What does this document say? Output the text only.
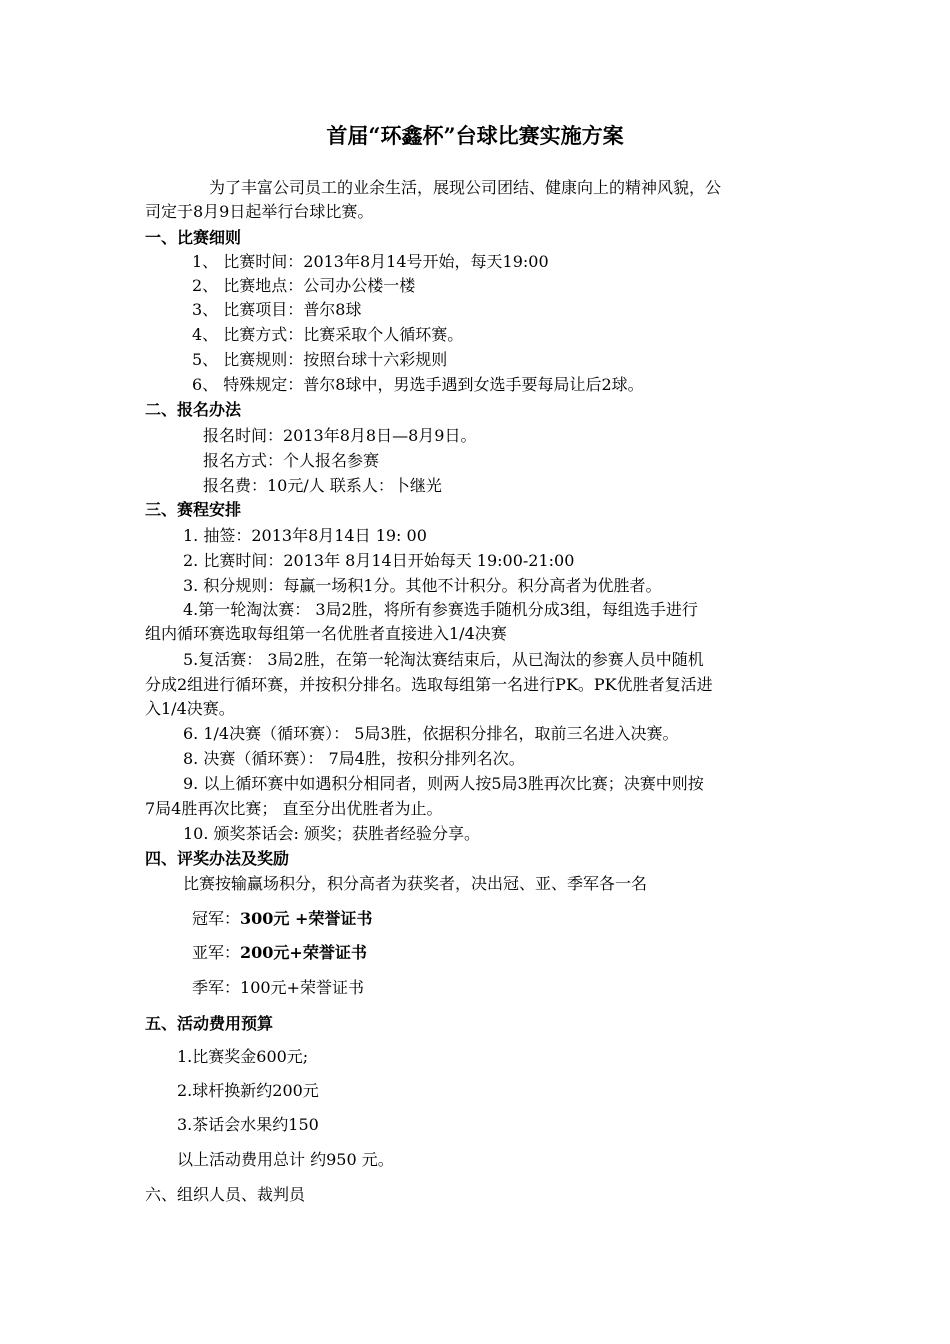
首届“环鑫杯”台球比赛实施方案
为了丰富公司员工的业余生活，展现公司团结、健康向上的精神风貌，公
司定于8月9日起举行台球比赛。
一、比赛细则
1、 比赛时间：2013年8月14号开始，每天19:00
2、 比赛地点：公司办公楼一楼
3、 比赛项目：普尔8球
4、 比赛方式：比赛采取个人循环赛。
5、 比赛规则：按照台球十六彩规则
6、 特殊规定：普尔8球中，男选手遇到女选手要每局让后2球。
二、报名办法
报名时间：2013年8月8日—8月9日。
报名方式：个人报名参赛
报名费：10元/人 联系人：卜继光
三、赛程安排
1. 抽签：2013年8月14日 19: 00
2. 比赛时间：2013年 8月14日开始每天 19:00-21:00
3. 积分规则：每赢一场积1分。其他不计积分。积分高者为优胜者。
4.第一轮淘汰赛： 3局2胜，将所有参赛选手随机分成3组，每组选手进行
组内循环赛选取每组第一名优胜者直接进入1/4决赛
5.复活赛： 3局2胜，在第一轮淘汰赛结束后，从已淘汰的参赛人员中随机
分成2组进行循环赛，并按积分排名。选取每组第一名进行PK。PK优胜者复活进
入1/4决赛。
6. 1/4决赛（循环赛）： 5局3胜，依据积分排名，取前三名进入决赛。
8. 决赛（循环赛）： 7局4胜，按积分排列名次。
9. 以上循环赛中如遇积分相同者，则两人按5局3胜再次比赛；决赛中则按
7局4胜再次比赛； 直至分出优胜者为止。
10. 颁奖茶话会: 颁奖；获胜者经验分享。
四、评奖办法及奖励
比赛按输赢场积分，积分高者为获奖者，决出冠、亚、季军各一名
冠军：300元 +荣誉证书
亚军：200元+荣誉证书
季军：100元+荣誉证书
五、活动费用预算
1.比赛奖金600元;
2.球杆换新约200元
3.茶话会水果约150
以上活动费用总计 约950 元。
六、组织人员、裁判员
